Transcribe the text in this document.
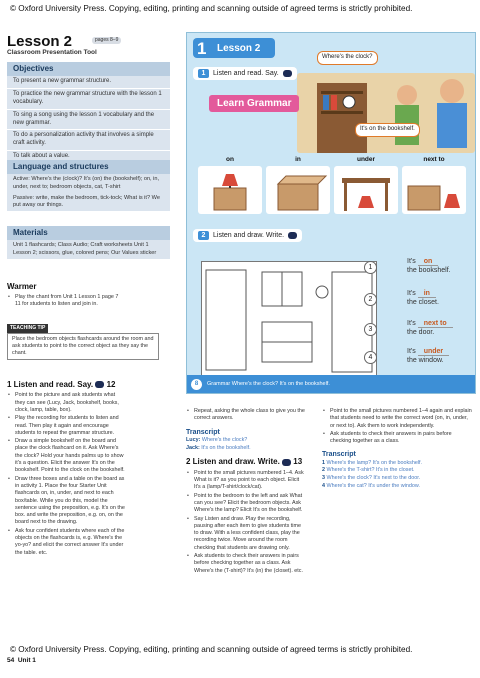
© Oxford University Press. Copying, editing, printing and scanning outside of agreed terms is strictly prohibited.
Lesson 2	pages 8–9
Classroom Presentation Tool
Objectives
To present a new grammar structure.
To practice the new grammar structure with the lesson 1 vocabulary.
To sing a song using the lesson 1 vocabulary and the new grammar.
To do a personalization activity that involves a simple craft activity.
To talk about a value.
Language and structures

Active: Where's the (clock)? It's (on) the (bookshelf); on, in, under, next to; bedroom objects, cat, T-shirt

Passive: write, make the bedroom, tick-tock; What is it? We put away our things.

Materials

Unit 1 flashcards; Class Audio; Craft worksheets Unit 1 Lesson 2; scissors, glue, colored pens; Our Values sticker

Warmer
• Play the chant from Unit 1 Lesson 1 page 7 11 for students to listen and join in.
TEACHING TIP
Place the bedroom objects flashcards around the room and ask students to point to the correct object as they say the chant.
1 Lesson 2
Where's the clock?
1 Listen and read. Say.
It's on the bookshelf.
Learn Grammar
on	in	under	next to
2 Listen and draw. Write.
1
It's on
the bookshelf.
2
It's in
the closet.
3
It's next to
the door.
4
It's under
the window.
8	Grammar Where's the clock? It's on the bookshelf.
1 Listen and read. Say. 12
• Point to the picture and ask students what they can see (Lucy, Jack, bookshelf, books, clock, lamp, table, box).
• Play the recording for students to listen and read. Then play it again and encourage students to repeat the grammar structure.
• Draw a simple bookshelf on the board and place the clock flashcard on it. Ask Where's the clock? Hold your hands palms up to show it's a question. Elicit the answer It's on the bookshelf. Point to the clock on the bookshelf.
• Draw three boxes and a table on the board as in activity 1. Place the four Starter Unit flashcards on, in, under, and next to each box/table. While you do this, model the sentence using the preposition, e.g. It's on the box. and write the preposition, e.g. on, on the board next to the drawing.
• Ask four confident students where each of the objects on the flashcards is, e.g. Where's the yo-yo? and elicit the correct answer It's under the table. etc.
• Repeat, asking the whole class to give you the correct answers.
Transcript
Lucy: Where's the clock?
Jack: It's on the bookshelf.
2 Listen and draw. Write. 13
• Point to the small pictures numbered 1–4. Ask What is it? as you point to each object. Elicit It's a (lamp/T-shirt/clock/cat).
• Point to the bedroom to the left and ask What can you see? Elicit the bedroom objects. Ask Where's the lamp? Elicit It's on the bookshelf.
• Say Listen and draw. Play the recording, pausing after each item to give students time to draw. With a less confident class, play the recording twice. Move around the room checking that students are drawing only.
• Ask students to check their answers in pairs before checking together as a class. Ask Where's the (T-shirt)? It's (in) the (closet). etc.
• Point to the small pictures numbered 1–4 again and explain that students need to write the correct word (on, in, under, or next to). Ask them to work independently.
• Ask students to check their answers in pairs before checking together as a class.
Transcript
1 Where's the lamp? It's on the bookshelf.
2 Where's the T-shirt? It's in the closet.
3 Where's the clock? It's next to the door.
4 Where's the cat? It's under the window.
© Oxford University Press. Copying, editing, printing and scanning outside of agreed terms is strictly prohibited.
54 Unit 1
